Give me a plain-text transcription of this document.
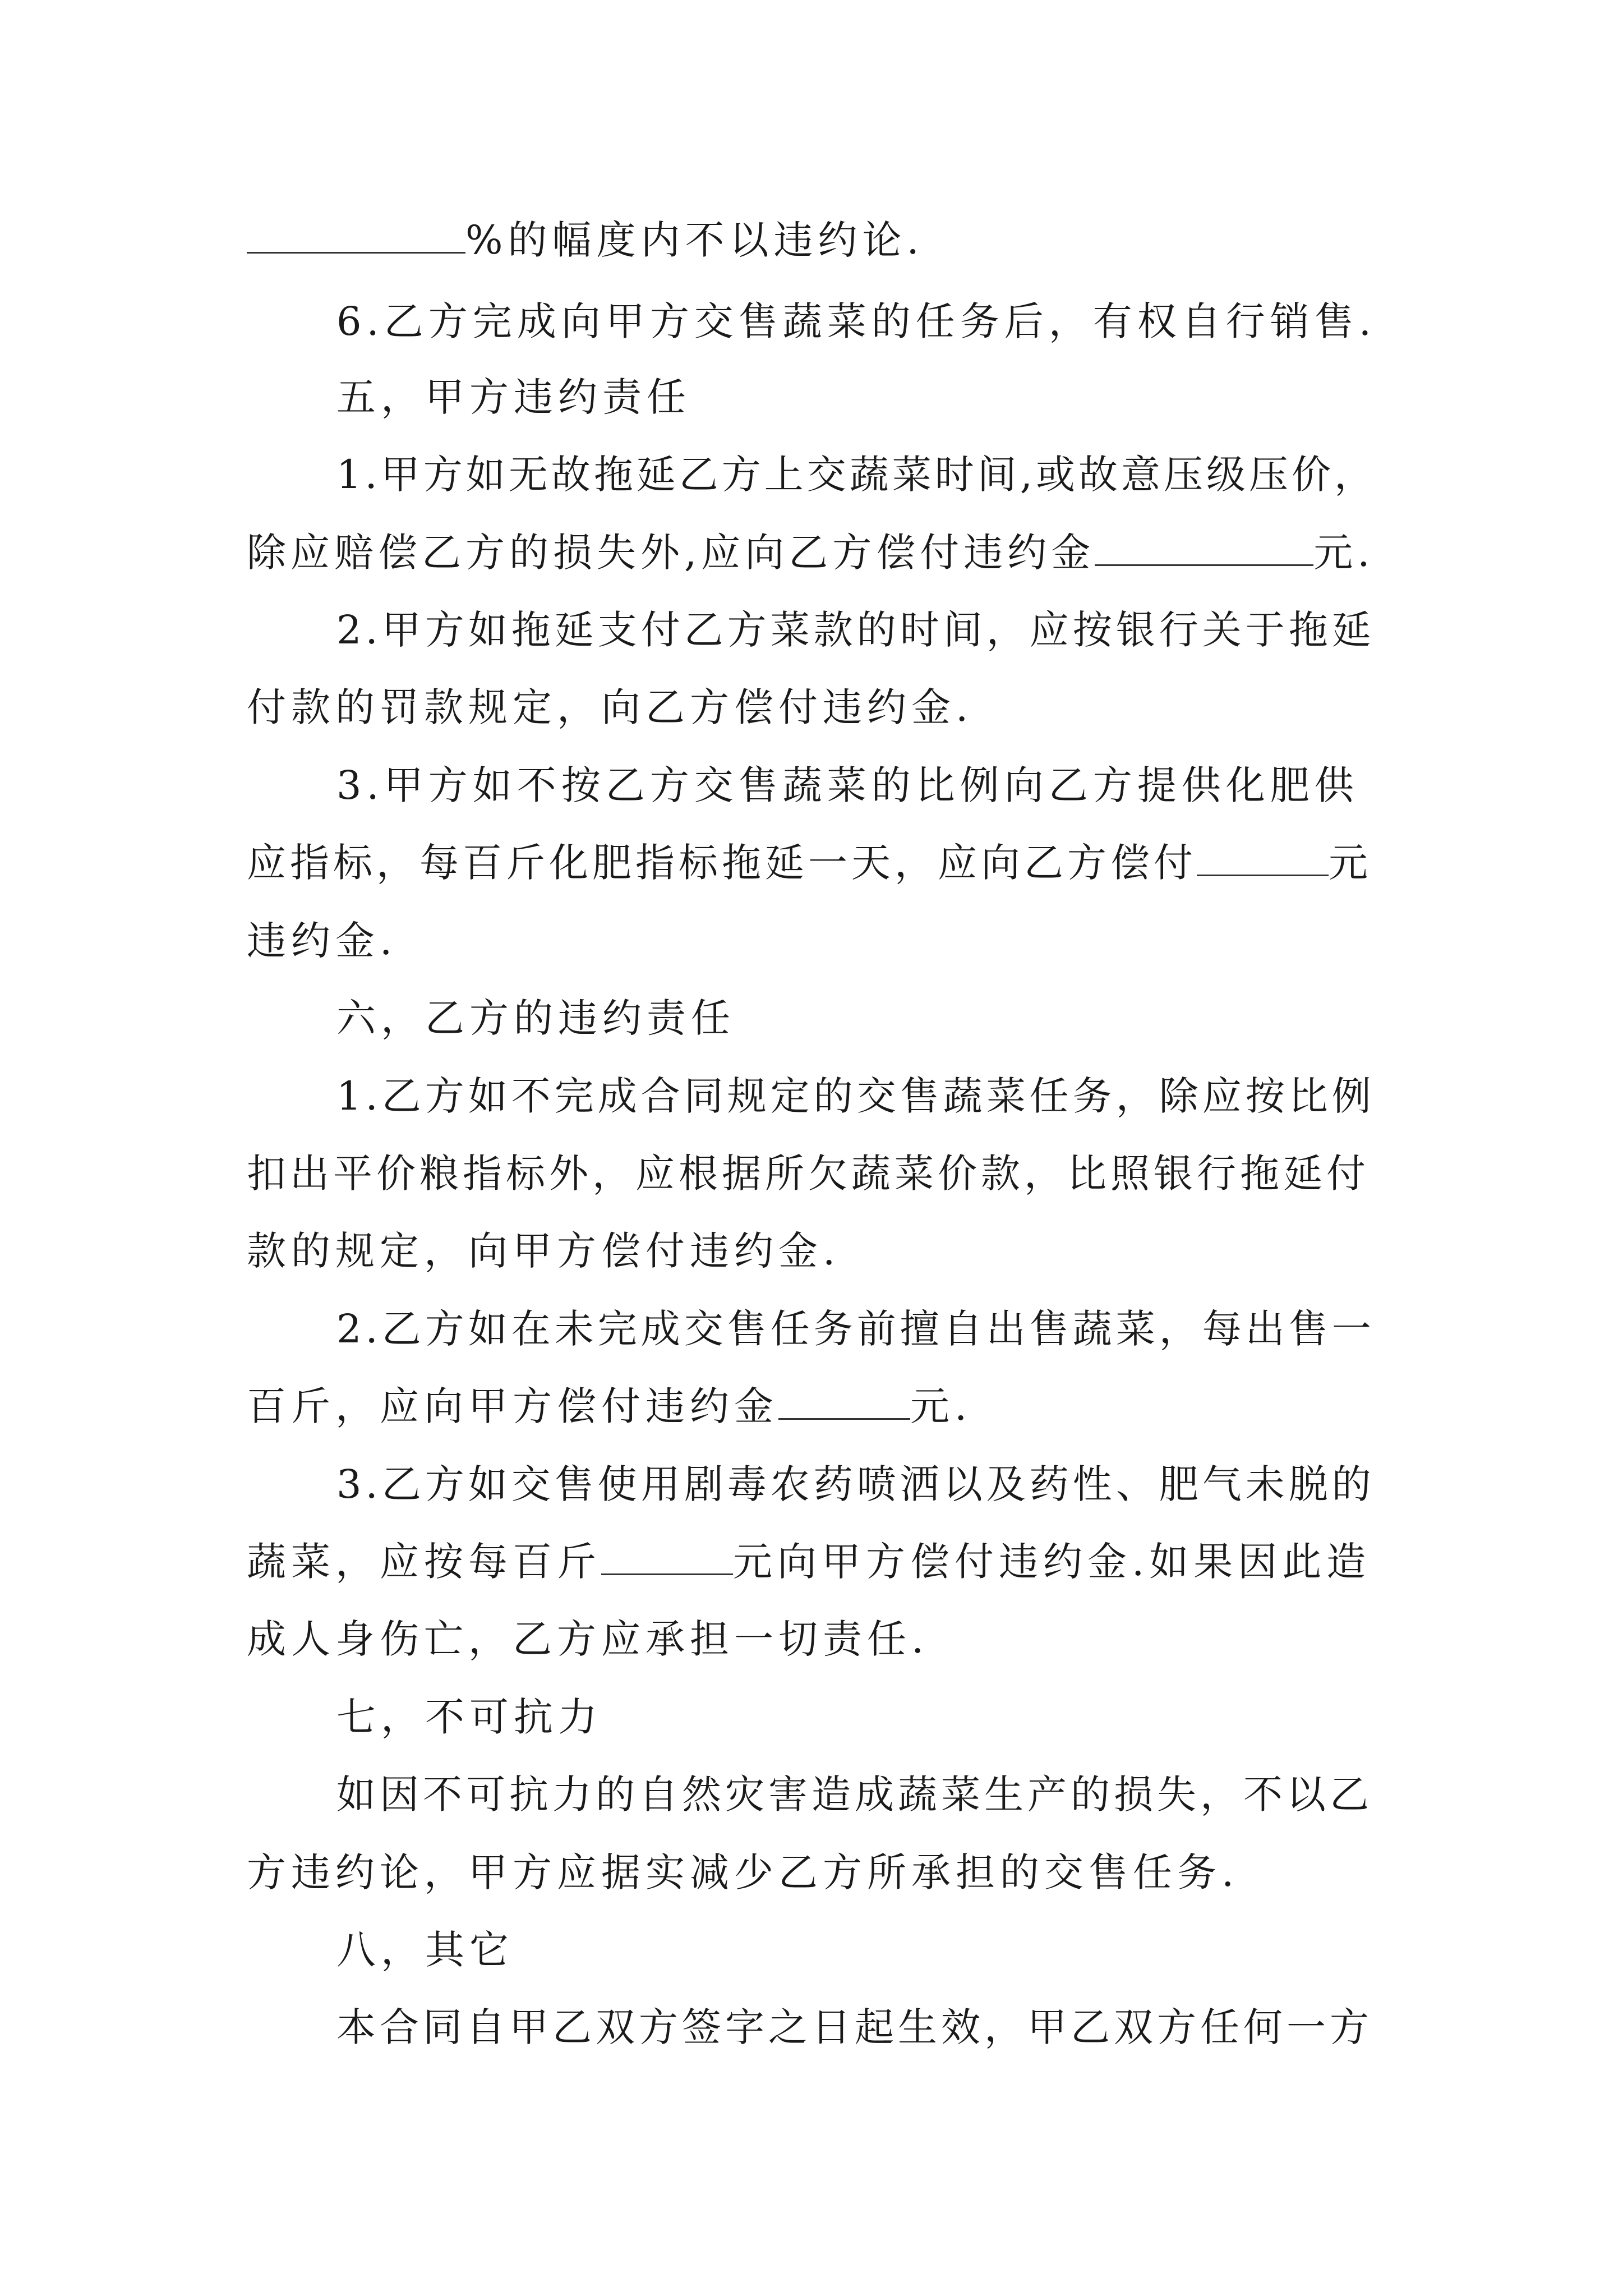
%的幅度内不以违约论.
6.乙方完成向甲方交售蔬菜的任务后，有权自行销售.
五，甲方违约责任
1.甲方如无故拖延乙方上交蔬菜时间,或故意压级压价，
除应赔偿乙方的损失外,应向乙方偿付违约金	元.
2.甲方如拖延支付乙方菜款的时间，应按银行关于拖延
付款的罚款规定，向乙方偿付违约金.
3.甲方如不按乙方交售蔬菜的比例向乙方提供化肥供
应指标，每百斤化肥指标拖延一天，应向乙方偿付	元
违约金.
六，乙方的违约责任
1.乙方如不完成合同规定的交售蔬菜任务，除应按比例
扣出平价粮指标外，应根据所欠蔬菜价款，比照银行拖延付
款的规定，向甲方偿付违约金.
2.乙方如在未完成交售任务前擅自出售蔬菜，每出售一
百斤，应向甲方偿付违约金	元.
3.乙方如交售使用剧毒农药喷洒以及药性、肥气未脱的
蔬菜，应按每百斤	元向甲方偿付违约金.如果因此造
成人身伤亡，乙方应承担一切责任.
七，不可抗力
如因不可抗力的自然灾害造成蔬菜生产的损失，不以乙
方违约论，甲方应据实减少乙方所承担的交售任务.
八，其它
本合同自甲乙双方签字之日起生效，甲乙双方任何一方
